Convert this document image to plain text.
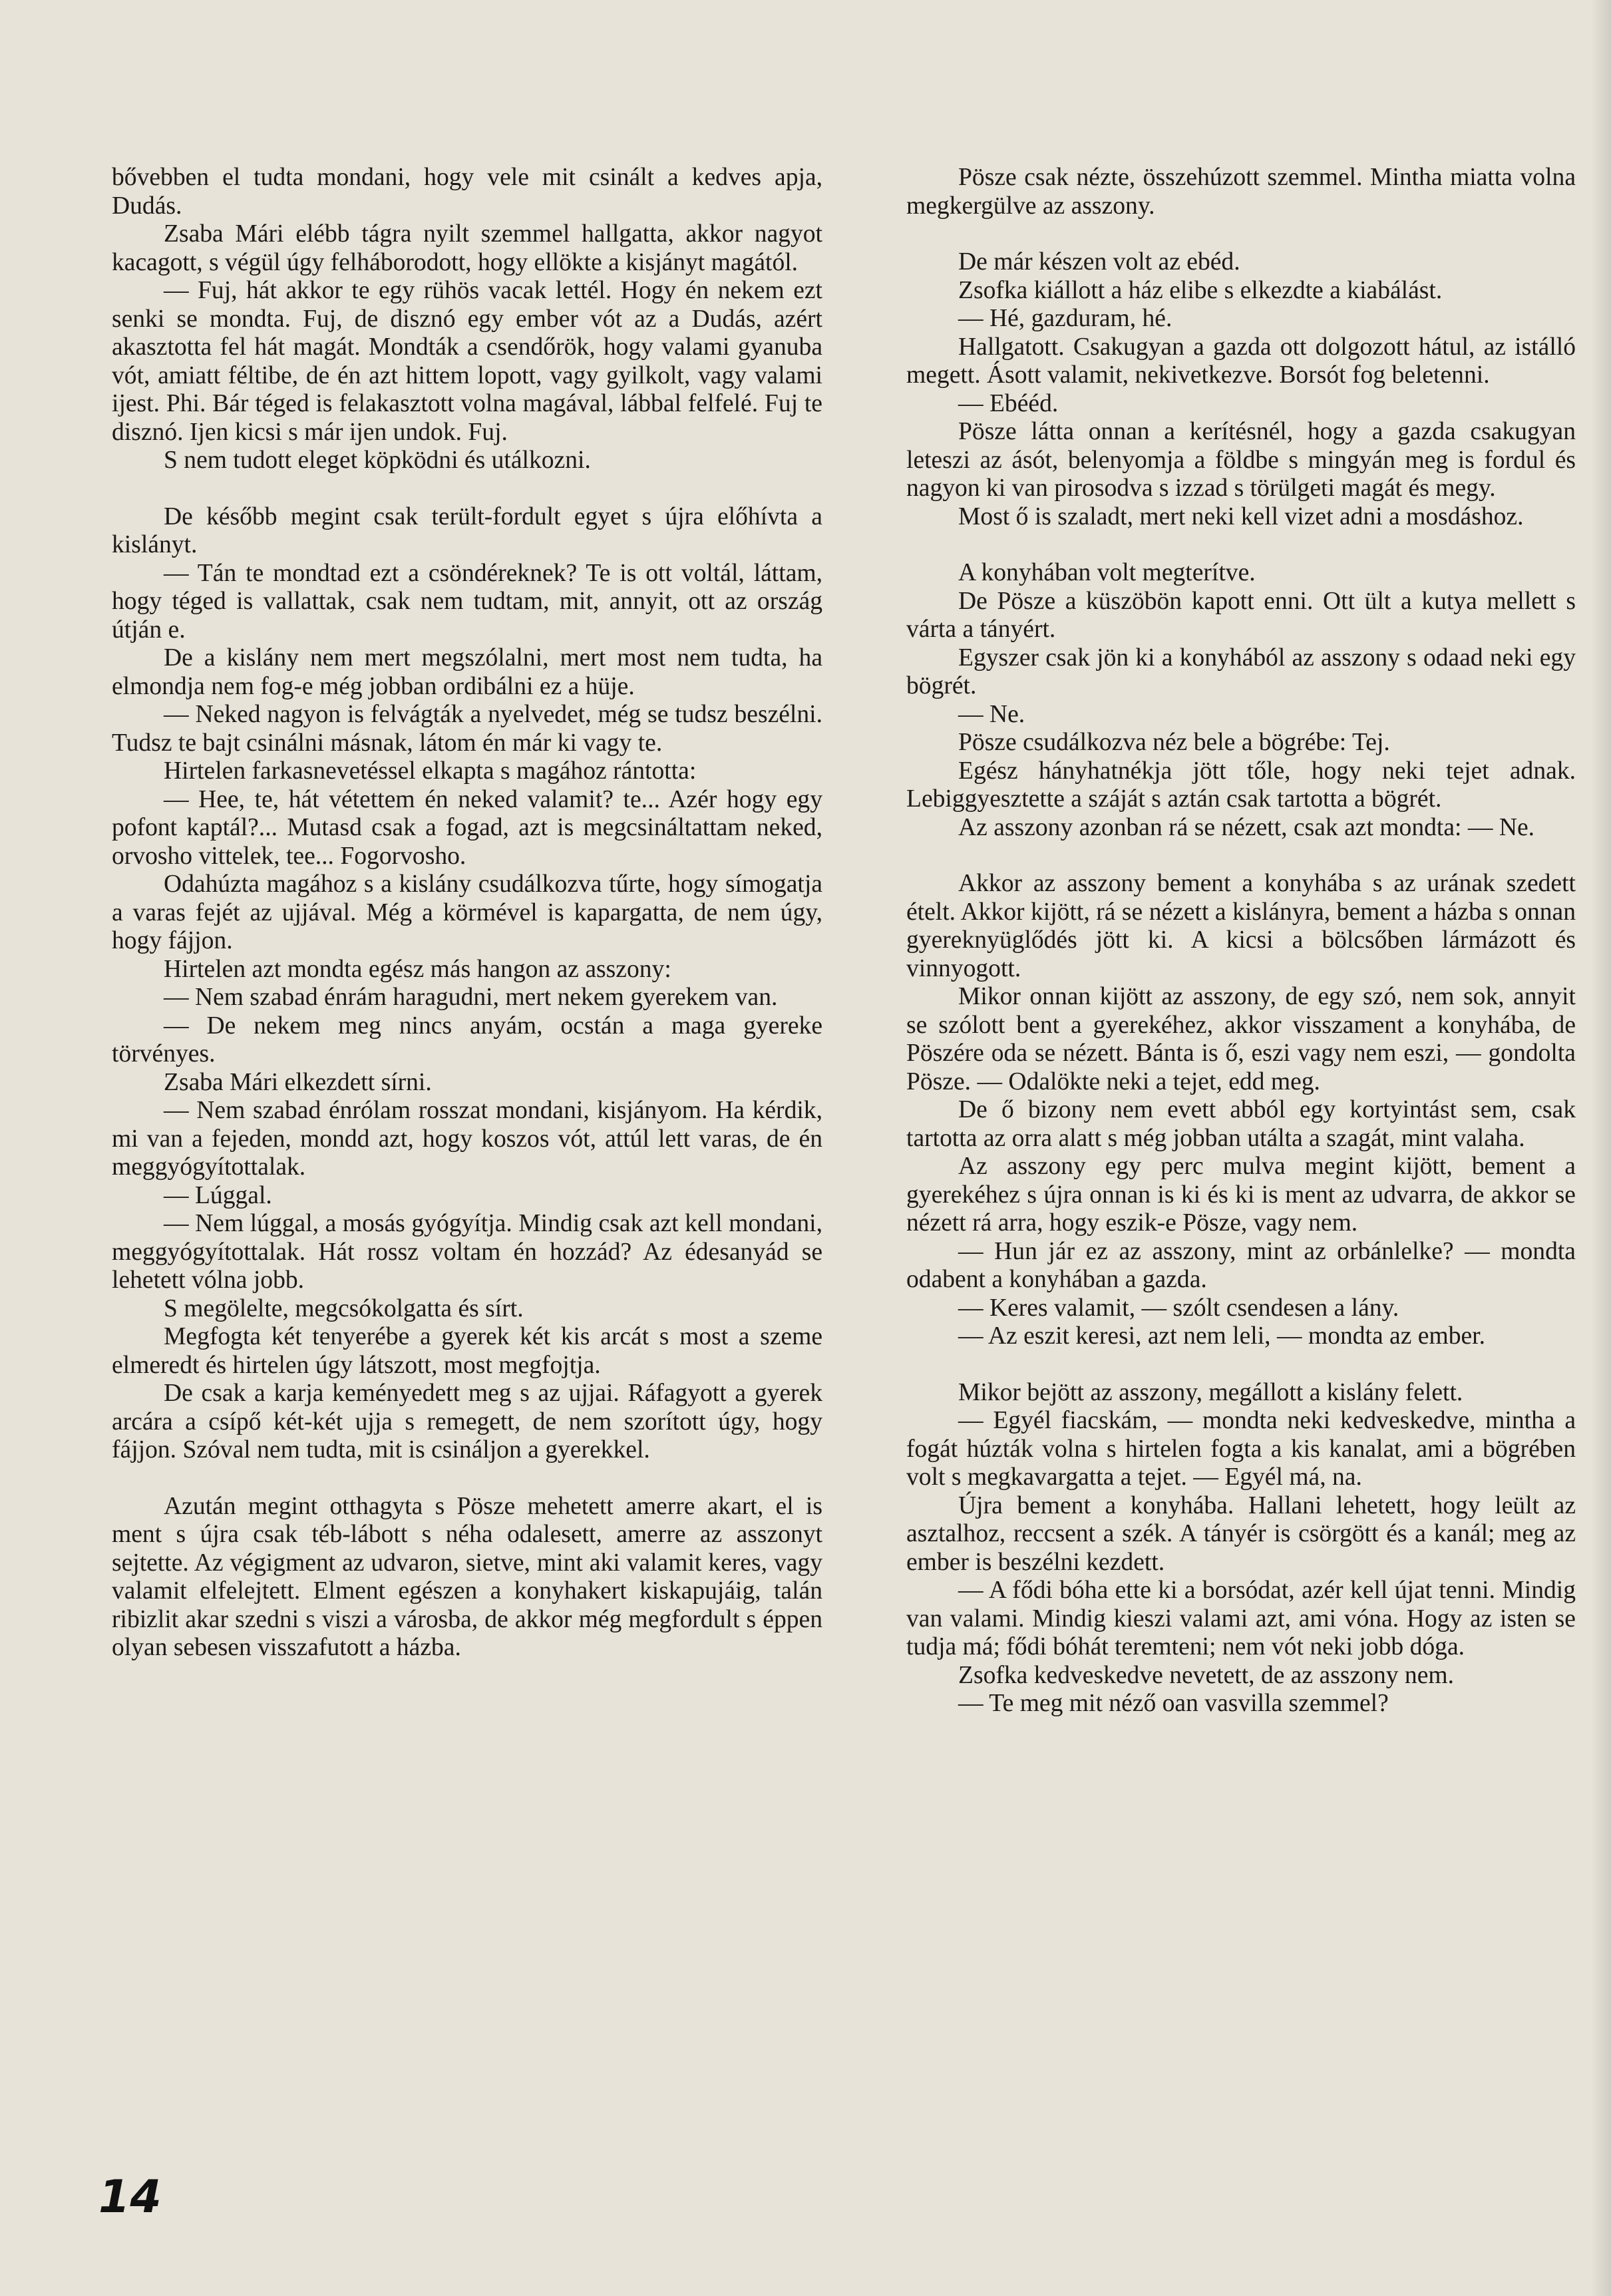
bővebben el tudta mondani, hogy vele mit csinált a kedves apja, Dudás.

Zsaba Mári elébb tágra nyilt szemmel hallgatta, akkor nagyot kacagott, s végül úgy felháborodott, hogy ellökte a kisjányt magától.

— Fuj, hát akkor te egy rühös vacak lettél. Hogy én nekem ezt senki se mondta. Fuj, de disznó egy ember vót az a Dudás, azért akasztotta fel hát magát. Mondták a csendőrök, hogy valami gyanuba vót, amiatt féltibe, de én azt hittem lopott, vagy gyilkolt, vagy valami ijest. Phi. Bár téged is felakasztott volna magával, lábbal felfelé. Fuj te disznó. Ijen kicsi s már ijen undok. Fuj.

S nem tudott eleget köpködni és utálkozni.

De később megint csak terült-fordult egyet s újra előhívta a kislányt.

— Tán te mondtad ezt a csöndéreknek? Te is ott voltál, láttam, hogy téged is vallattak, csak nem tudtam, mit, annyit, ott az ország útján e.

De a kislány nem mert megszólalni, mert most nem tudta, ha elmondja nem fog-e még jobban ordibálni ez a hüje.

— Neked nagyon is felvágták a nyelvedet, még se tudsz beszélni. Tudsz te bajt csinálni másnak, látom én már ki vagy te.

Hirtelen farkasnevetéssel elkapta s magához rántotta:

— Hee, te, hát vétettem én neked valamit? te... Azér hogy egy pofont kaptál?... Mutasd csak a fogad, azt is megcsináltattam neked, orvosho vittelek, tee... Fogorvosho.

Odahúzta magához s a kislány csudálkozva tűrte, hogy símogatja a varas fejét az ujjával. Még a körmével is kapargatta, de nem úgy, hogy fájjon.

Hirtelen azt mondta egész más hangon az asszony:

— Nem szabad énrám haragudni, mert nekem gyerekem van.

— De nekem meg nincs anyám, ocstán a maga gyereke törvényes.

Zsaba Mári elkezdett sírni.

— Nem szabad énrólam rosszat mondani, kisjányom. Ha kérdik, mi van a fejeden, mondd azt, hogy koszos vót, attúl lett varas, de én meggyógyítottalak.

— Lúggal.

— Nem lúggal, a mosás gyógyítja. Mindig csak azt kell mondani, meggyógyítottalak. Hát rossz voltam én hozzád? Az édesanyád se lehetett vólna jobb.

S megölelte, megcsókolgatta és sírt.

Megfogta két tenyerébe a gyerek két kis arcát s most a szeme elmeredt és hirtelen úgy látszott, most megfojtja.

De csak a karja keményedett meg s az ujjai. Ráfagyott a gyerek arcára a csípő két-két ujja s remegett, de nem szorított úgy, hogy fájjon. Szóval nem tudta, mit is csináljon a gyerekkel.

Azután megint otthagyta s Pösze mehetett amerre akart, el is ment s újra csak téb-lábott s néha odalesett, amerre az asszonyt sejtette. Az végigment az udvaron, sietve, mint aki valamit keres, vagy valamit elfelejtett. Elment egészen a konyhakert kiskapujáig, talán ribizlit akar szedni s viszi a városba, de akkor még megfordult s éppen olyan sebesen visszafutott a házba.

Pösze csak nézte, összehúzott szemmel. Mintha miatta volna megkergülve az asszony.

De már készen volt az ebéd.

Zsofka kiállott a ház elibe s elkezdte a kiabálást.

— Hé, gazduram, hé.

Hallgatott. Csakugyan a gazda ott dolgozott hátul, az istálló megett. Ásott valamit, nekivetkezve. Borsót fog beletenni.

— Ebééd.

Pösze látta onnan a kerítésnél, hogy a gazda csakugyan leteszi az ásót, belenyomja a földbe s mingyán meg is fordul és nagyon ki van pirosodva s izzad s törülgeti magát és megy.

Most ő is szaladt, mert neki kell vizet adni a mosdáshoz.

A konyhában volt megterítve.

De Pösze a küszöbön kapott enni. Ott ült a kutya mellett s várta a tányért.

Egyszer csak jön ki a konyhából az asszony s odaad neki egy bögrét.

— Ne.

Pösze csudálkozva néz bele a bögrébe: Tej.

Egész hányhatnékja jött tőle, hogy neki tejet adnak. Lebiggyesztette a száját s aztán csak tartotta a bögrét.

Az asszony azonban rá se nézett, csak azt mondta: — Ne.

Akkor az asszony bement a konyhába s az urának szedett ételt. Akkor kijött, rá se nézett a kislányra, bement a házba s onnan gyereknyüglődés jött ki. A kicsi a bölcsőben lármázott és vinnyogott.

Mikor onnan kijött az asszony, de egy szó, nem sok, annyit se szólott bent a gyerekéhez, akkor visszament a konyhába, de Pöszére oda se nézett. Bánta is ő, eszi vagy nem eszi, — gondolta Pösze. — Odalökte neki a tejet, edd meg.

De ő bizony nem evett abból egy kortyintást sem, csak tartotta az orra alatt s még jobban utálta a szagát, mint valaha.

Az asszony egy perc mulva megint kijött, bement a gyerekéhez s újra onnan is ki és ki is ment az udvarra, de akkor se nézett rá arra, hogy eszik-e Pösze, vagy nem.

— Hun jár ez az asszony, mint az orbánlelke? — mondta odabent a konyhában a gazda.

— Keres valamit, — szólt csendesen a lány.

— Az eszit keresi, azt nem leli, — mondta az ember.

Mikor bejött az asszony, megállott a kislány felett.

— Egyél fiacskám, — mondta neki kedveskedve, mintha a fogát húzták volna s hirtelen fogta a kis kanalat, ami a bögrében volt s megkavargatta a tejet. — Egyél má, na.

Újra bement a konyhába. Hallani lehetett, hogy leült az asztalhoz, reccsent a szék. A tányér is csörgött és a kanál; meg az ember is beszélni kezdett.

— A fődi bóha ette ki a borsódat, azér kell újat tenni. Mindig van valami. Mindig kieszi valami azt, ami vóna. Hogy az isten se tudja má; fődi bóhát teremteni; nem vót neki jobb dóga.

Zsofka kedveskedve nevetett, de az asszony nem.

— Te meg mit néző oan vasvilla szemmel?

14
